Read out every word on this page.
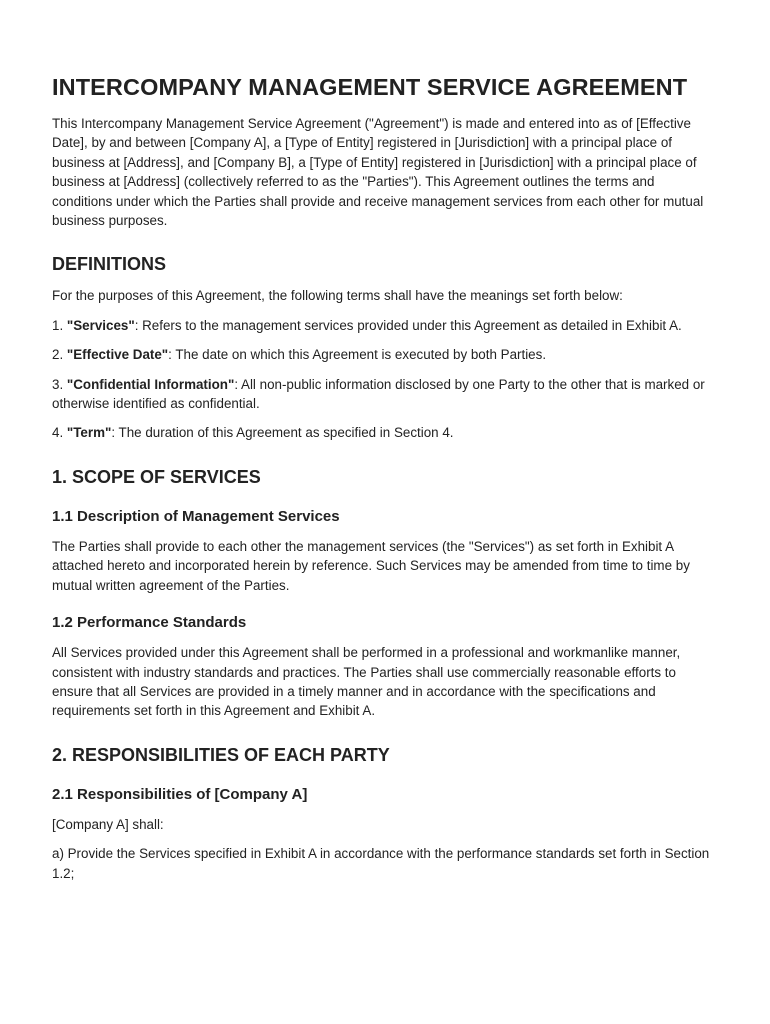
INTERCOMPANY MANAGEMENT SERVICE AGREEMENT

This Intercompany Management Service Agreement ("Agreement") is made and entered into as of [Effective Date], by and between [Company A], a [Type of Entity] registered in [Jurisdiction] with a principal place of business at [Address], and [Company B], a [Type of Entity] registered in [Jurisdiction] with a principal place of business at [Address] (collectively referred to as the "Parties"). This Agreement outlines the terms and conditions under which the Parties shall provide and receive management services from each other for mutual business purposes.

DEFINITIONS

For the purposes of this Agreement, the following terms shall have the meanings set forth below:

1. "Services": Refers to the management services provided under this Agreement as detailed in Exhibit A.

2. "Effective Date": The date on which this Agreement is executed by both Parties.

3. "Confidential Information": All non-public information disclosed by one Party to the other that is marked or otherwise identified as confidential.

4. "Term": The duration of this Agreement as specified in Section 4.

1. SCOPE OF SERVICES
1.1 Description of Management Services

The Parties shall provide to each other the management services (the "Services") as set forth in Exhibit A attached hereto and incorporated herein by reference. Such Services may be amended from time to time by mutual written agreement of the Parties.

1.2 Performance Standards

All Services provided under this Agreement shall be performed in a professional and workmanlike manner, consistent with industry standards and practices. The Parties shall use commercially reasonable efforts to ensure that all Services are provided in a timely manner and in accordance with the specifications and requirements set forth in this Agreement and Exhibit A.

2. RESPONSIBILITIES OF EACH PARTY
2.1 Responsibilities of [Company A]

[Company A] shall:

a) Provide the Services specified in Exhibit A in accordance with the performance standards set forth in Section 1.2;
